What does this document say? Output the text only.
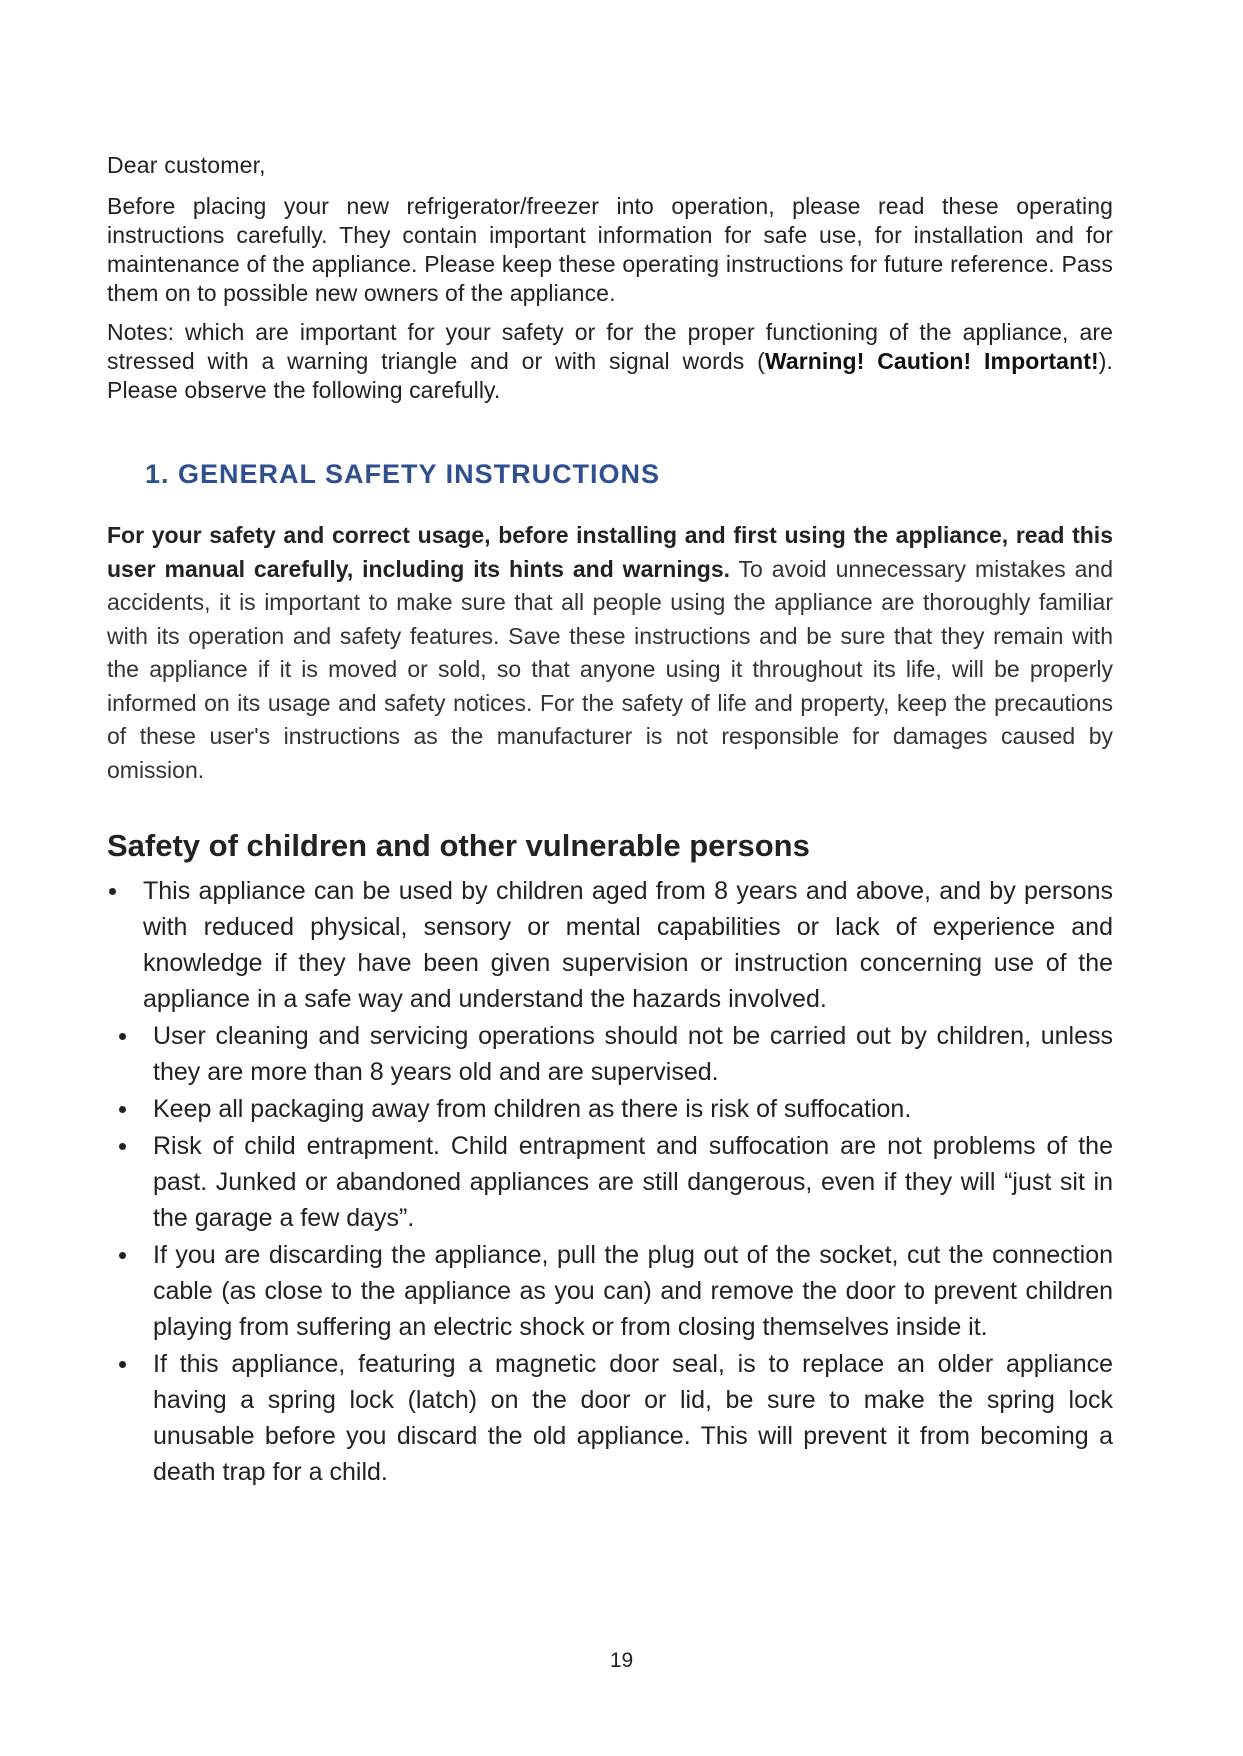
Dear customer,

Before placing your new refrigerator/freezer into operation, please read these operating instructions carefully. They contain important information for safe use, for installation and for maintenance of the appliance. Please keep these operating instructions for future reference. Pass them on to possible new owners of the appliance.

Notes: which are important for your safety or for the proper functioning of the appliance, are stressed with a warning triangle and or with signal words (Warning! Caution! Important!). Please observe the following carefully.

1. GENERAL SAFETY INSTRUCTIONS

For your safety and correct usage, before installing and first using the appliance, read this user manual carefully, including its hints and warnings. To avoid unnecessary mistakes and accidents, it is important to make sure that all people using the appliance are thoroughly familiar with its operation and safety features. Save these instructions and be sure that they remain with the appliance if it is moved or sold, so that anyone using it throughout its life, will be properly informed on its usage and safety notices. For the safety of life and property, keep the precautions of these user's instructions as the manufacturer is not responsible for damages caused by omission.

Safety of children and other vulnerable persons
This appliance can be used by children aged from 8 years and above, and by persons with reduced physical, sensory or mental capabilities or lack of experience and knowledge if they have been given supervision or instruction concerning use of the appliance in a safe way and understand the hazards involved.
User cleaning and servicing operations should not be carried out by children, unless they are more than 8 years old and are supervised.
Keep all packaging away from children as there is risk of suffocation.
Risk of child entrapment. Child entrapment and suffocation are not problems of the past. Junked or abandoned appliances are still dangerous, even if they will “just sit in the garage a few days”.
If you are discarding the appliance, pull the plug out of the socket, cut the connection cable (as close to the appliance as you can) and remove the door to prevent children playing from suffering an electric shock or from closing themselves inside it.
If this appliance, featuring a magnetic door seal, is to replace an older appliance having a spring lock (latch) on the door or lid, be sure to make the spring lock unusable before you discard the old appliance. This will prevent it from becoming a death trap for a child.
19
